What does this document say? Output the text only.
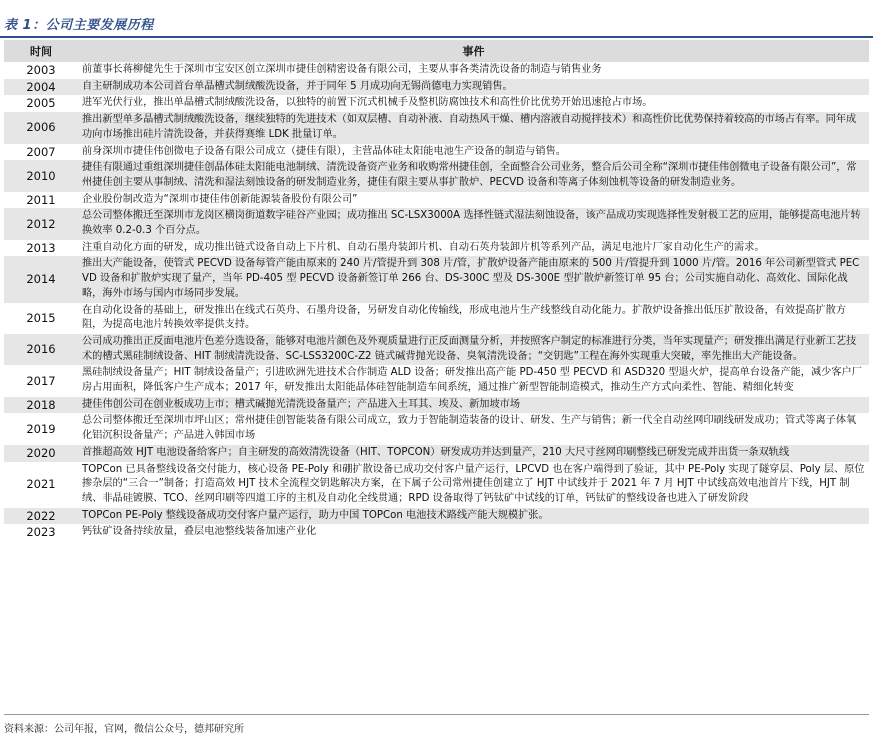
表 1：公司主要发展历程
时间	事件
2003	前董事长蒋柳健先生于深圳市宝安区创立深圳市捷佳创精密设备有限公司，主要从事各类清洗设备的制造与销售业务
2004	自主研制成功本公司首台单晶槽式制绒酸洗设备，并于同年 5 月成功向无锡尚德电力实现销售。
2005	进军光伏行业，推出单晶槽式制绒酸洗设备，以独特的前置下沉式机械手及整机防腐蚀技术和高性价比优势开始迅速抢占市场。
2006	推出新型单多晶槽式制绒酸洗设备，继续独特的先进技术（如双层槽、自动补液、自动热风干燥、槽内溶液自动搅拌技术）和高性价比优势保持着较高的市场占有率。同年成功向市场推出硅片清洗设备，并获得赛维 LDK 批量订单。
2007	前身深圳市捷佳伟创微电子设备有限公司成立（捷佳有限），主营晶体硅太阳能电池生产设备的制造与销售。
2010	捷佳有限通过重组深圳捷佳创晶体硅太阳能电池制绒、清洗设备资产业务和收购常州捷佳创，全面整合公司业务，整合后公司全称“深圳市捷佳伟创微电子设备有限公司”，常州捷佳创主要从事制绒、清洗和湿法刻蚀设备的研发制造业务，捷佳有限主要从事扩散炉、PECVD 设备和等离子体刻蚀机等设备的研发制造业务。
2011	企业股份制改造为“深圳市捷佳伟创新能源装备股份有限公司”
2012	总公司整体搬迁至深圳市龙岗区横岗街道数字硅谷产业园；成功推出 SC-LSX3000A 选择性链式湿法刻蚀设备，该产品成功实现选择性发射极工艺的应用，能够提高电池片转换效率 0.2-0.3 个百分点。
2013	注重自动化方面的研发，成功推出链式设备自动上下片机、自动石墨舟装卸片机、自动石英舟装卸片机等系列产品，满足电池片厂家自动化生产的需求。
2014	推出大产能设备，使管式 PECVD 设备每管产能由原来的 240 片/管提升到 308 片/管，扩散炉设备产能由原来的 500 片/管提升到 1000 片/管。2016 年公司新型管式 PECVD 设备和扩散炉实现了量产，当年 PD-405 型 PECVD 设备新签订单 266 台、DS-300C 型及 DS-300E 型扩散炉新签订单 95 台；公司实施自动化、高效化、国际化战略，海外市场与国内市场同步发展。
2015	在自动化设备的基础上，研发推出在线式石英舟、石墨舟设备，另研发自动化传输线，形成电池片生产线整线自动化能力。扩散炉设备推出低压扩散设备，有效提高扩散方阻，为提高电池片转换效率提供支持。
2016	公司成功推出正反面电池片色差分选设备，能够对电池片颜色及外观质量进行正反面测量分析，并按照客户制定的标准进行分类，当年实现量产；研发推出满足行业新工艺技术的槽式黑硅制绒设备、HIT 制绒清洗设备、SC-LSS3200C-Z2 链式碱背抛光设备、臭氧清洗设备；“交钥匙”工程在海外实现重大突破，率先推出大产能设备。
2017	黑硅制绒设备量产；HIT 制绒设备量产；引进欧洲先进技术合作制造 ALD 设备；研发推出高产能 PD-450 型 PECVD 和 ASD320 型退火炉，提高单台设备产能，减少客户厂房占用面积，降低客户生产成本；2017 年，研发推出太阳能晶体硅智能制造车间系统，通过推广新型智能制造模式，推动生产方式向柔性、智能、精细化转变
2018	捷佳伟创公司在创业板成功上市；槽式碱抛光清洗设备量产；产品进入土耳其、埃及、新加坡市场
2019	总公司整体搬迁至深圳市坪山区；常州捷佳创智能装备有限公司成立，致力于智能制造装备的设计、研发、生产与销售；新一代全自动丝网印刷线研发成功；管式等离子体氧化铝沉积设备量产；产品进入韩国市场
2020	首推超高效 HJT 电池设备给客户；自主研发的高效清洗设备（HIT、TOPCON）研发成功并达到量产，210 大尺寸丝网印刷整线已研发完成并出货一条双轨线
2021	TOPCon 已具备整线设备交付能力，核心设备 PE-Poly 和硼扩散设备已成功交付客户量产运行，LPCVD 也在客户端得到了验证，其中 PE-Poly 实现了隧穿层、Poly 层、原位掺杂层的“三合一”制备；打造高效 HJT 技术全流程交钥匙解决方案，在下属子公司常州捷佳创建立了 HJT 中试线并于 2021 年 7 月 HJT 中试线高效电池首片下线，HJT 制绒、非晶硅镀膜、TCO、丝网印刷等四道工序的主机及自动化全线贯通；RPD 设备取得了钙钛矿中试线的订单，钙钛矿的整线设备也进入了研发阶段
2022	TOPCon PE-Poly 整线设备成功交付客户量产运行，助力中国 TOPCon 电池技术路线产能大规模扩张。
2023	钙钛矿设备持续放量，叠层电池整线装备加速产业化
资料来源：公司年报，官网，微信公众号，德邦研究所
